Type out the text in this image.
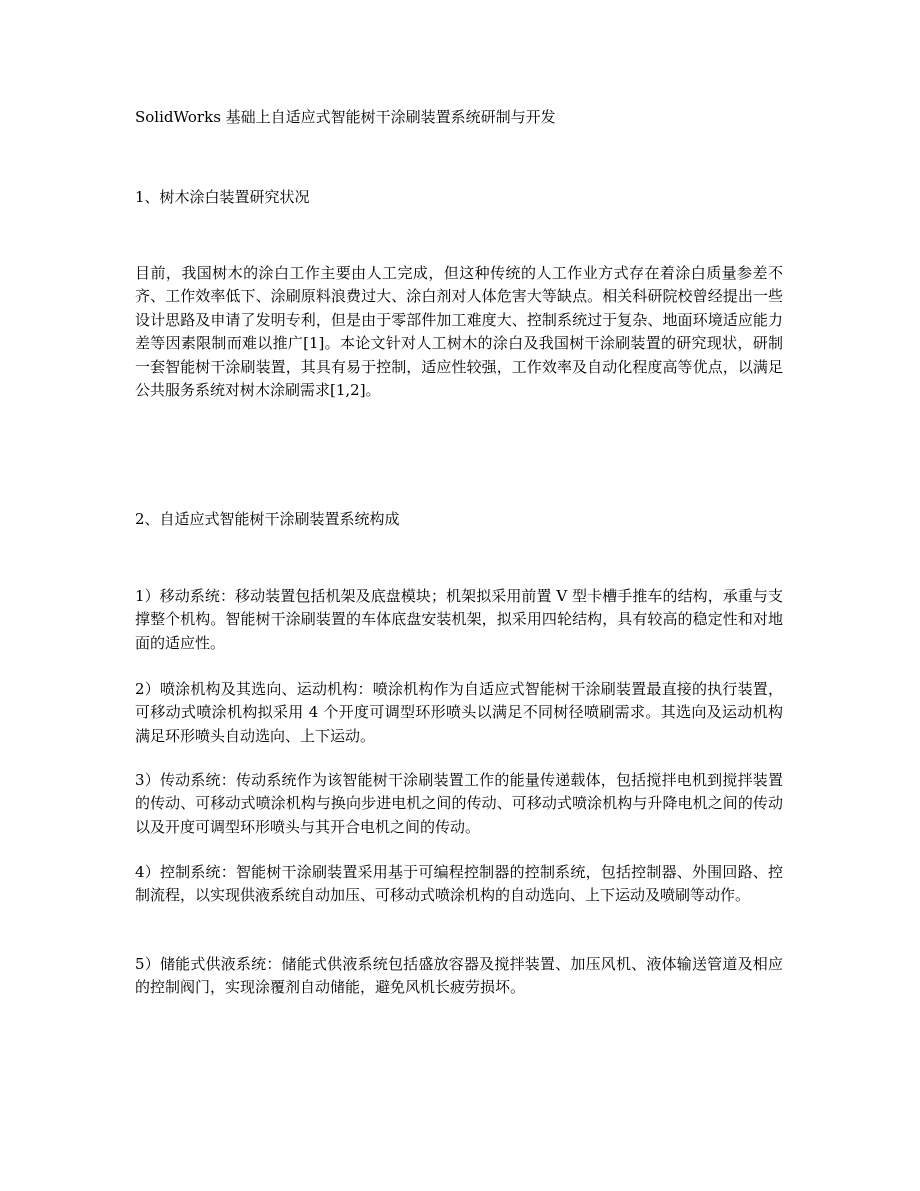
SolidWorks 基础上自适应式智能树干涂刷装置系统研制与开发
1、树木涂白装置研究状况

目前，我国树木的涂白工作主要由人工完成，但这种传统的人工作业方式存在着涂白质量参差不齐、工作效率低下、涂刷原料浪费过大、涂白剂对人体危害大等缺点。相关科研院校曾经提出一些设计思路及申请了发明专利，但是由于零部件加工难度大、控制系统过于复杂、地面环境适应能力差等因素限制而难以推广[1]。本论文针对人工树木的涂白及我国树干涂刷装置的研究现状，研制一套智能树干涂刷装置，其具有易于控制，适应性较强，工作效率及自动化程度高等优点，以满足公共服务系统对树木涂刷需求[1,2]。

2、自适应式智能树干涂刷装置系统构成

1）移动系统：移动装置包括机架及底盘模块；机架拟采用前置 V 型卡槽手推车的结构，承重与支撑整个机构。智能树干涂刷装置的车体底盘安装机架，拟采用四轮结构，具有较高的稳定性和对地面的适应性。

2）喷涂机构及其选向、运动机构：喷涂机构作为自适应式智能树干涂刷装置最直接的执行装置，可移动式喷涂机构拟采用 4 个开度可调型环形喷头以满足不同树径喷刷需求。其选向及运动机构满足环形喷头自动选向、上下运动。

3）传动系统：传动系统作为该智能树干涂刷装置工作的能量传递载体，包括搅拌电机到搅拌装置的传动、可移动式喷涂机构与换向步进电机之间的传动、可移动式喷涂机构与升降电机之间的传动以及开度可调型环形喷头与其开合电机之间的传动。

4）控制系统：智能树干涂刷装置采用基于可编程控制器的控制系统，包括控制器、外围回路、控制流程，以实现供液系统自动加压、可移动式喷涂机构的自动选向、上下运动及喷刷等动作。

5）储能式供液系统：储能式供液系统包括盛放容器及搅拌装置、加压风机、液体输送管道及相应的控制阀门，实现涂覆剂自动储能，避免风机长疲劳损坏。
